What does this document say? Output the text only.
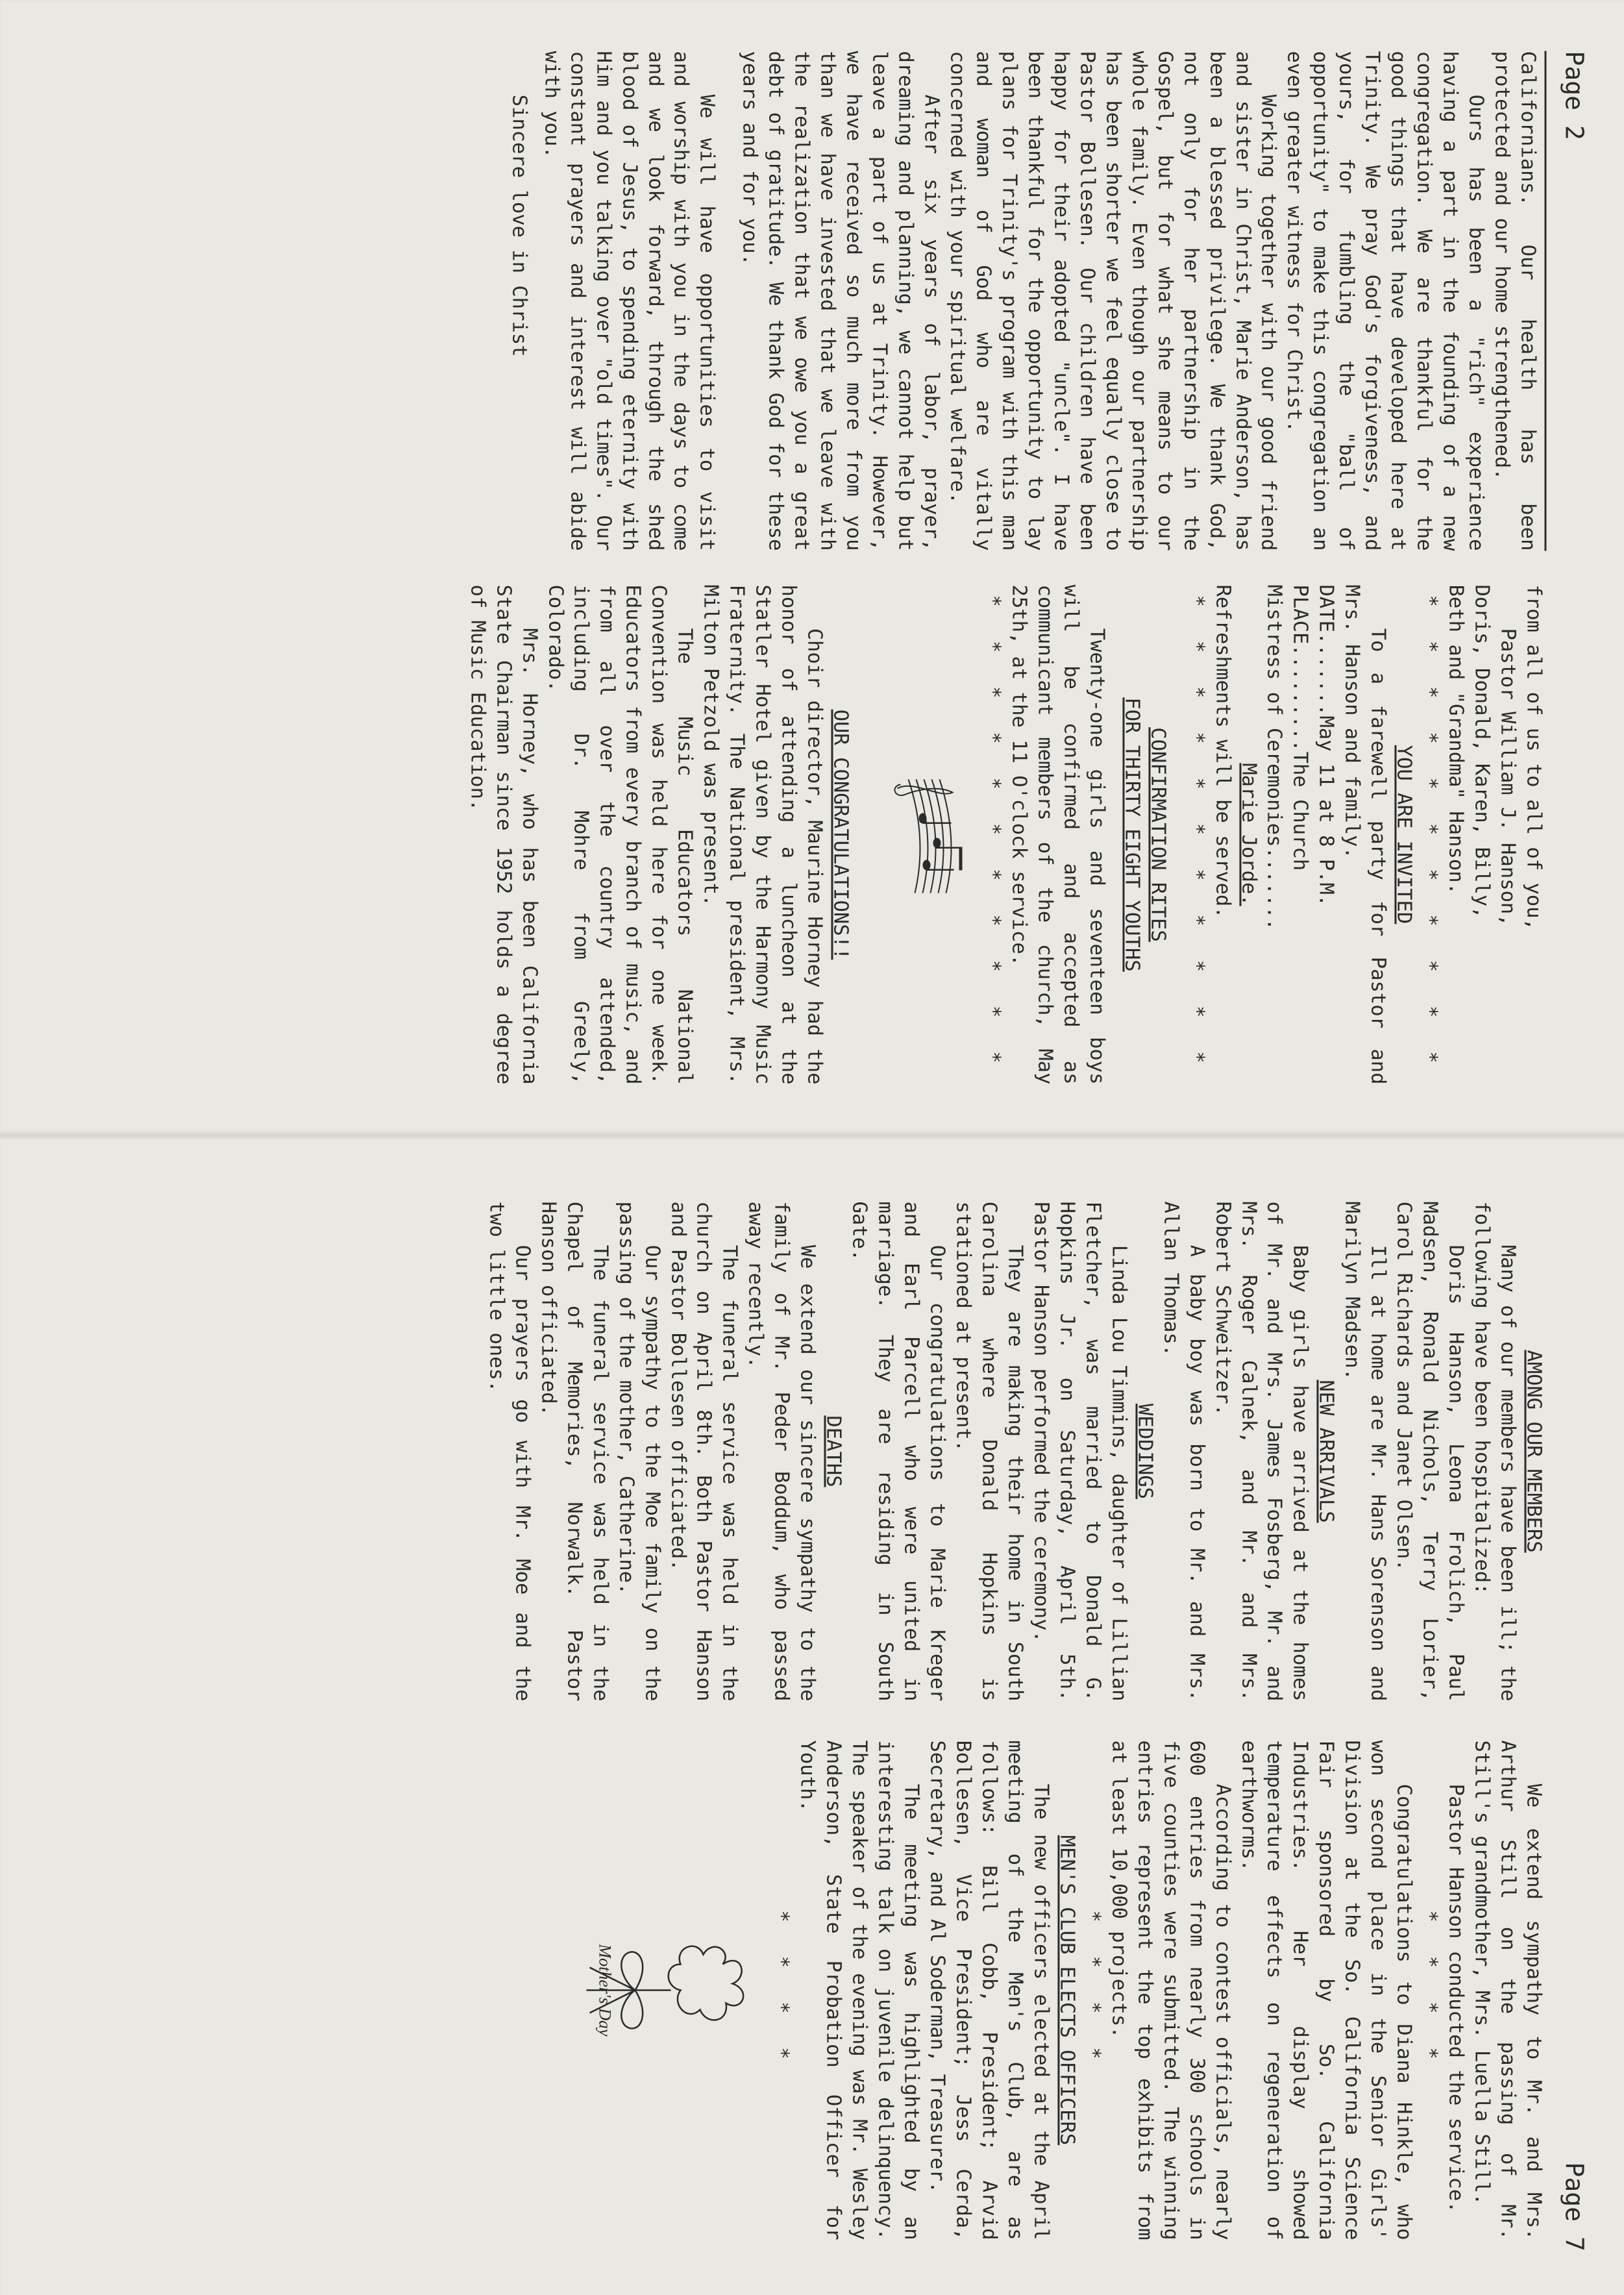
Page 2

Californians. Our health has been protected and our home strengthened.

Ours has been a "rich" experience having a part in the founding of a new congregation. We are thankful for the good things that have developed here at Trinity. We pray God's forgiveness, and yours, for fumbling the "ball of opportunity" to make this congregation an even greater witness for Christ.

Working together with our good friend and sister in Christ, Marie Anderson, has been a blessed privilege. We thank God, not only for her partnership in the Gospel, but for what she means to our whole family. Even though our partnership has been shorter we feel equally close to Pastor Bollesen. Our children have been happy for their adopted "uncle". I have been thankful for the opportunity to lay plans for Trinity's program with this man and woman of God who are vitally concerned with your spiritual welfare.

After six years of labor, prayer, dreaming and planning, we cannot help but leave a part of us at Trinity. However, we have received so much more from you than we have invested that we leave with the realization that we owe you a great debt of gratitude. We thank God for these years and for you.

We will have opportunities to visit and worship with you in the days to come and we look forward, through the shed blood of Jesus, to spending eternity with Him and you talking over "old times". Our constant prayers and interest will abide with you.

Sincere love in Christ

from all of us to all of you,

Pastor William J. Hanson,

Doris, Donald, Karen, Billy,

Beth and "Grandma" Hanson.

* * * * * * * * * * *

YOU ARE INVITED

To a farewell party for Pastor and Mrs. Hanson and family.

DATE.......May 11 at 8 P.M.

PLACE.........The Church

Mistress of Ceremonies.......

Marie Jorde.

Refreshments will be served.

* * * * * * * * * * *

CONFIRMATION RITES

FOR THIRTY EIGHT YOUTHS

Twenty-one girls and seventeen boys will be confirmed and accepted as communicant members of the church, May 25th, at the 11 O'clock service.

* * * * * * * * * * *

OUR CONGRATULATIONS!!

Choir director, Maurine Horney had the honor of attending a luncheon at the Statler Hotel given by the Harmony Music Fraternity. The National president, Mrs. Milton Petzold was present.

The Music Educators National Convention was held here for one week. Educators from every branch of music, and from all over the country attended, including Dr. Mohre from Greely, Colorado.

Mrs. Horney, who has been California State Chairman since 1952 holds a degree of Music Education.

Page 7

AMONG OUR MEMBERS

Many of our members have been ill; the following have been hospitalized:

Doris Hanson, Leona Frolich, Paul Madsen, Ronald Nichols, Terry Lorier, Carol Richards and Janet Olsen.

Ill at home are Mr. Hans Sorenson and Marilyn Madsen.

NEW ARRIVALS

Baby girls have arrived at the homes of Mr. and Mrs. James Fosberg, Mr. and Mrs. Roger Calnek, and Mr. and Mrs. Robert Schweitzer.

A baby boy was born to Mr. and Mrs. Allan Thomas.

WEDDINGS

Linda Lou Timmins, daughter of Lillian Fletcher, was married to Donald G. Hopkins Jr. on Saturday, April 5th. Pastor Hanson performed the ceremony.

They are making their home in South Carolina where Donald Hopkins is stationed at present.

Our congratulations to Marie Kreger and Earl Parcell who were united in marriage. They are residing in South Gate.

DEATHS

We extend our sincere sympathy to the family of Mr. Peder Boddum, who passed away recently.

The funeral service was held in the church on April 8th. Both Pastor Hanson and Pastor Bollesen officiated.

Our sympathy to the Moe family on the passing of the mother, Catherine.

The funeral service was held in the Chapel of Memories, Norwalk. Pastor Hanson officiated.

Our prayers go with Mr. Moe and the two little ones.

We extend sympathy to Mr. and Mrs. Arthur Still on the passing of Mr. Still's grandmother, Mrs. Luella Still.

Pastor Hanson conducted the service.

* * * *

Congratulations to Diana Hinkle, who won second place in the Senior Girls' Division at the So. California Science Fair sponsored by So. California Industries. Her display showed temperature effects on regeneration of earthworms.

According to contest officials, nearly 600 entries from nearly 300 schools in five counties were submitted. The winning entries represent the top exhibits from at least 10,000 projects.

* * * *

MEN'S CLUB ELECTS OFFICERS

The new officers elected at the April meeting of the Men's Club, are as follows: Bill Cobb, President; Arvid Bollesen, Vice President; Jess Cerda, Secretary, and Al Soderman, Treasurer.

The meeting was highlighted by an interesting talk on juvenile delinquency. The speaker of the evening was Mr. Wesley Anderson, State Probation Officer for Youth.

* * * *

Mother's Day
